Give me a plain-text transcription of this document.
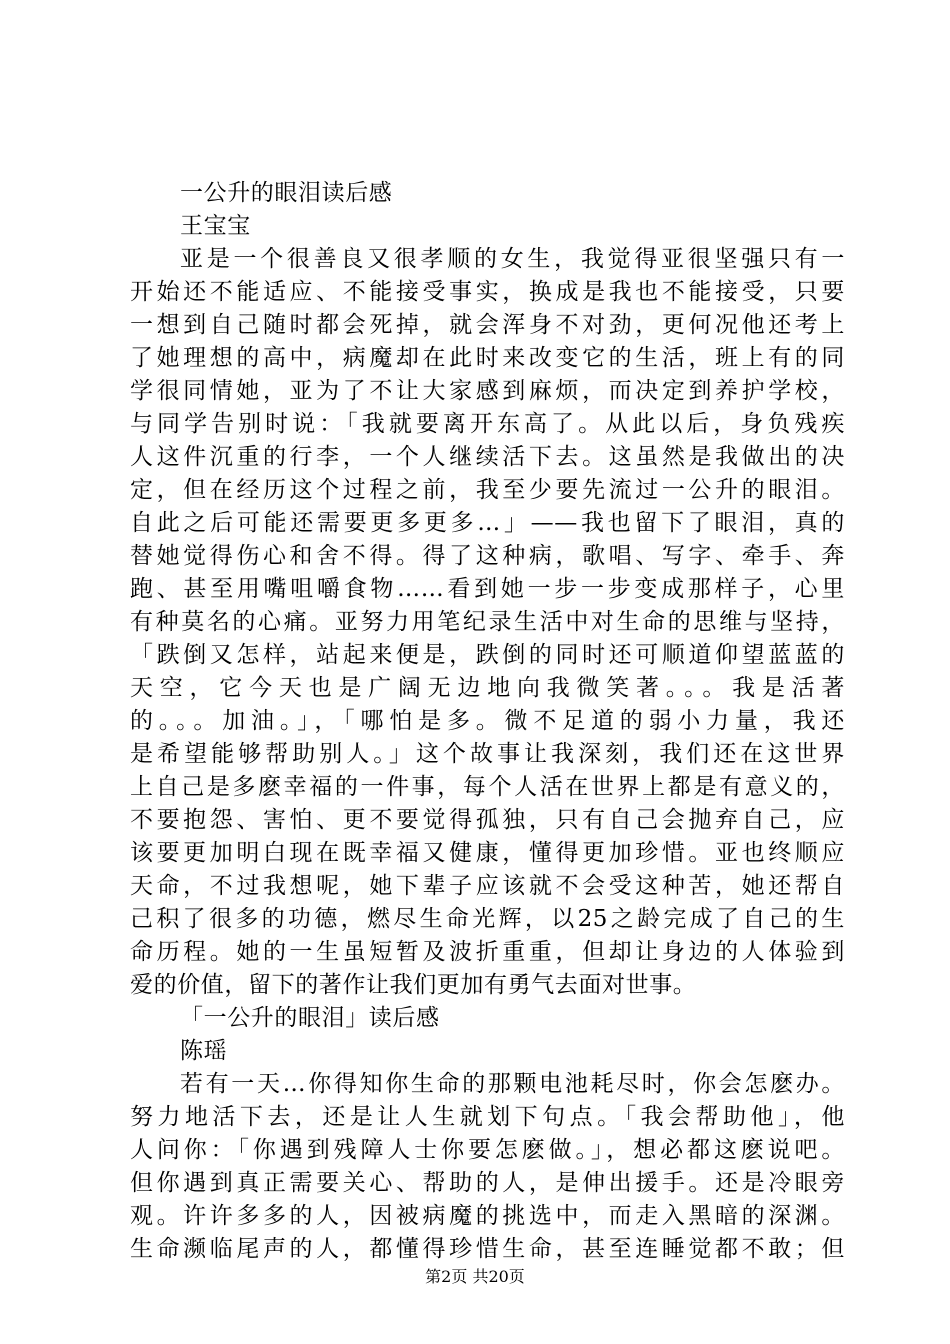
一公升的眼泪读后感
王宝宝
亚是一个很善良又很孝顺的女生，我觉得亚很坚强只有一
开始还不能适应、不能接受事实，换成是我也不能接受，只要
一想到自己随时都会死掉，就会浑身不对劲，更何况他还考上
了她理想的高中，病魔却在此时来改变它的生活，班上有的同
学很同情她，亚为了不让大家感到麻烦，而决定到养护学校，
与同学告别时说：「我就要离开东高了。从此以后，身负残疾
人这件沉重的行李，一个人继续活下去。这虽然是我做出的决
定，但在经历这个过程之前，我至少要先流过一公升的眼泪。
自此之后可能还需要更多更多…」——我也留下了眼泪，真的
替她觉得伤心和舍不得。得了这种病，歌唱、写字、牵手、奔
跑、甚至用嘴咀嚼食物……看到她一步一步变成那样子，心里
有种莫名的心痛。亚努力用笔纪录生活中对生命的思维与坚持，
「跌倒又怎样，站起来便是，跌倒的同时还可顺道仰望蓝蓝的
天空，它今天也是广阔无边地向我微笑著。。。我是活著
的。。。加油。」，「哪怕是多。微不足道的弱小力量，我还
是希望能够帮助别人。」这个故事让我深刻，我们还在这世界
上自己是多麽幸福的一件事，每个人活在世界上都是有意义的，
不要抱怨、害怕、更不要觉得孤独，只有自己会抛弃自己，应
该要更加明白现在既幸福又健康，懂得更加珍惜。亚也终顺应
天命，不过我想呢，她下辈子应该就不会受这种苦，她还帮自
己积了很多的功德，燃尽生命光辉，以25之龄完成了自己的生
命历程。她的一生虽短暂及波折重重，但却让身边的人体验到
爱的价值，留下的著作让我们更加有勇气去面对世事。
「一公升的眼泪」读后感
陈瑶
若有一天…你得知你生命的那颗电池耗尽时，你会怎麽办。
努力地活下去，还是让人生就划下句点。「我会帮助他」，他
人问你：「你遇到残障人士你要怎麽做。」，想必都这麽说吧。
但你遇到真正需要关心、帮助的人，是伸出援手。还是冷眼旁
观。许许多多的人，因被病魔的挑选中，而走入黑暗的深渊。
生命濒临尾声的人，都懂得珍惜生命，甚至连睡觉都不敢；但
第2页 共20页
